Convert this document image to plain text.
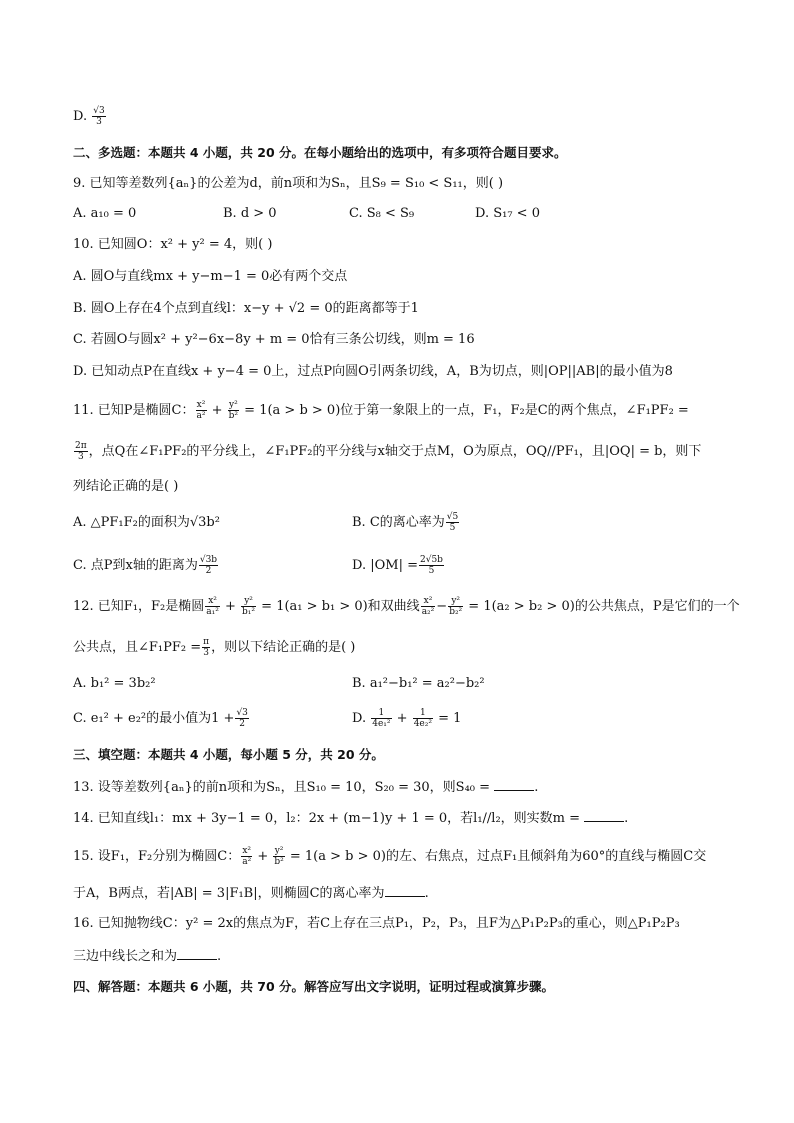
D. $\frac{√3}{3}$
二、多选题：本题共 4 小题，共 20 分。在每小题给出的选项中，有多项符合题目要求。
9. 已知等差数列{aₙ}的公差为d，前n项和为Sₙ，且S₉ = S₁₀ < S₁₁，则( )
A. a₁₀ = 0	B. d > 0	C. S₈ < S₉	D. S₁₇ < 0
10. 已知圆O：x² + y² = 4，则( )
A. 圆O与直线mx + y−m−1 = 0必有两个交点
B. 圆O上存在4个点到直线l：x−y + √2 = 0的距离都等于1
C. 若圆O与圆x² + y²−6x−8y + m = 0恰有三条公切线，则m = 16
D. 已知动点P在直线x + y−4 = 0上，过点P向圆O引两条切线，A，B为切点，则|OP||AB|的最小值为8
11. 已知P是椭圆C： $\frac{\text{x²}}{\text{a²}} + \frac{\text{y²}}{\text{b²}} = 1(a > b > 0)$位于第一象限上的一点，F₁，F₂是C的两个焦点，∠F₁PF₂ =
$\frac{2\pi}{3}$ ，点Q在∠F₁PF₂的平分线上，∠F₁PF₂的平分线与x轴交于点M，O为原点，OQ//PF₁，且|OQ| = b，则下
列结论正确的是( )
A. △PF₁F₂的面积为√3b²	B. C的离心率为 $\frac{√5}{5}$
C. 点P到x轴的距离为 $\frac{√3b}{2}$	D. $|OM| = \frac{2√5b}{5}$
12. 已知F₁，F₂是椭圆 $\frac{\text{x²}}{\text{a₁²}} + \frac{\text{y²}}{\text{b₁²}} = 1(a_1 > b_1 > 0)$和双曲线 $\frac{\text{x²}}{\text{a₂²}} - \frac{\text{y²}}{\text{b₂²}} = 1(a_2 > b_2 > 0)$的公共焦点，P是它们的一个
公共点，且∠F₁PF₂ = $\frac{\pi}{3}$ ，则以下结论正确的是( )
A. b₁² = 3b₂²	B. a₁²−b₁² = a₂²−b₂²
C. e₁² + e₂²的最小值为$1 + \frac{√3}{2}$	D. $\frac{1}{\text{4e₁²}} + \frac{1}{\text{4e₂²}} = 1$
三、填空题：本题共 4 小题，每小题 5 分，共 20 分。
13. 设等差数列{aₙ}的前n项和为Sₙ，且S₁₀ = 10，S₂₀ = 30，则S₄₀ =	.
14. 已知直线l₁：mx + 3y−1 = 0，l₂：2x + (m−1)y + 1 = 0，若l₁//l₂，则实数m =	.
15. 设F₁，F₂分别为椭圆C： $\frac{\text{x²}}{\text{a²}} + \frac{\text{y²}}{\text{b²}} = 1(a > b > 0)$的左、右焦点，过点F₁且倾斜角为60°的直线与椭圆C交
于A，B两点，若|AB| = 3|F₁B|，则椭圆C的离心率为	.
16. 已知抛物线C：y² = 2x的焦点为F，若C上存在三点P₁，P₂，P₃，且F为△P₁P₂P₃的重心，则△P₁P₂P₃
三边中线长之和为	.
四、解答题：本题共 6 小题，共 70 分。解答应写出文字说明，证明过程或演算步骤。
